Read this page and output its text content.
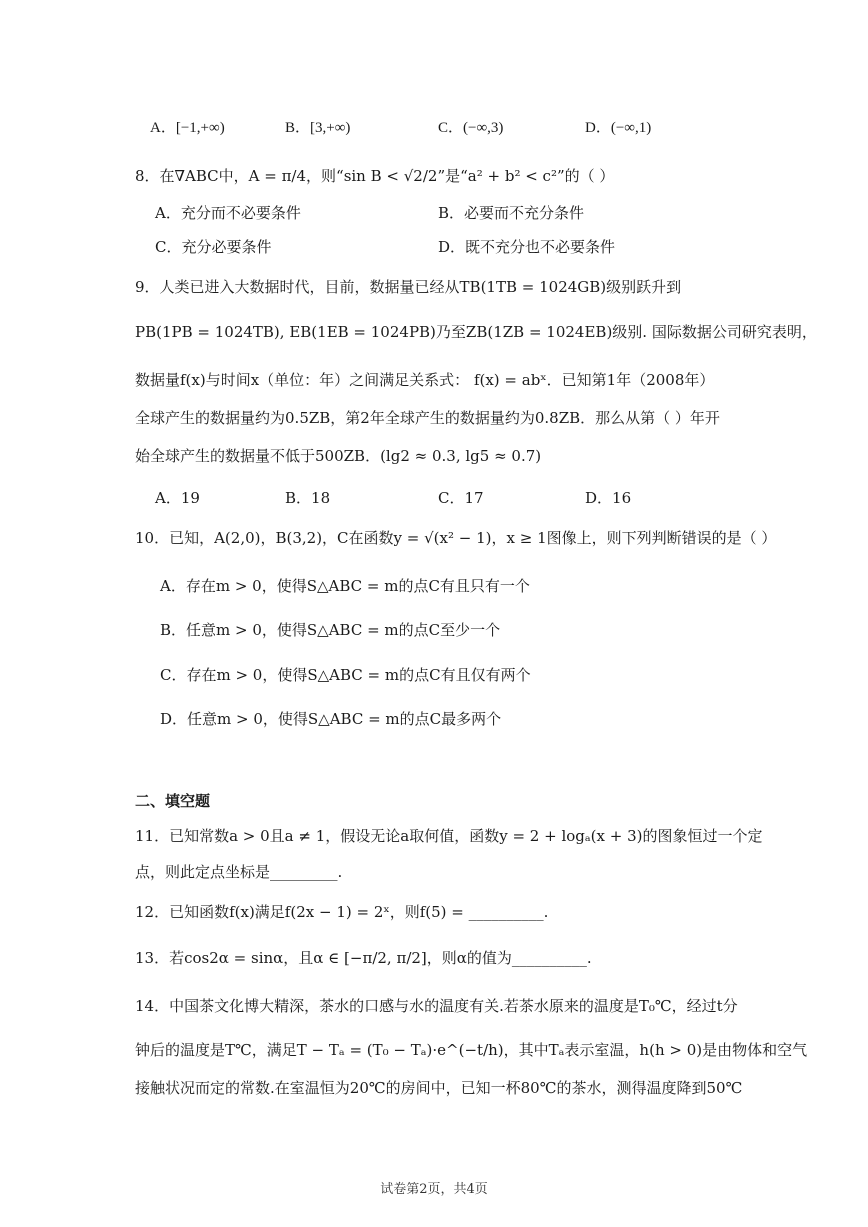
A．[−1,+∞)	B．[3,+∞)	C．(−∞,3)	D．(−∞,1)
8．在∇ABC中，A = π/4，则“sin B < √2/2”是“a² + b² < c²”的（ ）
A．充分而不必要条件	B．必要而不充分条件
C．充分必要条件	D．既不充分也不必要条件
9．人类已进入大数据时代，目前，数据量已经从TB(1TB = 1024GB)级别跃升到
PB(1PB = 1024TB), EB(1EB = 1024PB)乃至ZB(1ZB = 1024EB)级别. 国际数据公司研究表明，
数据量f(x)与时间x（单位：年）之间满足关系式： f(x) = abˣ．已知第1年（2008年）
全球产生的数据量约为0.5ZB，第2年全球产生的数据量约为0.8ZB．那么从第（ ）年开
始全球产生的数据量不低于500ZB．(lg2 ≈ 0.3, lg5 ≈ 0.7)
A．19	B．18	C．17	D．16
10．已知，A(2,0)，B(3,2)，C在函数y = √(x² − 1)，x ≥ 1图像上，则下列判断错误的是（ ）
A．存在m > 0，使得S△ABC = m的点C有且只有一个
B．任意m > 0，使得S△ABC = m的点C至少一个
C．存在m > 0，使得S△ABC = m的点C有且仅有两个
D．任意m > 0，使得S△ABC = m的点C最多两个
二、填空题
11．已知常数a > 0且a ≠ 1，假设无论a取何值，函数y = 2 + logₐ(x + 3)的图象恒过一个定
点，则此定点坐标是_________.
12．已知函数f(x)满足f(2x − 1) = 2ˣ，则f(5) = __________.
13．若cos2α = sinα，且α ∈ [−π/2, π/2]，则α的值为__________.
14．中国茶文化博大精深，茶水的口感与水的温度有关.若茶水原来的温度是T₀℃，经过t分
钟后的温度是T℃，满足T − Tₐ = (T₀ − Tₐ)·e^(−t/h)，其中Tₐ表示室温，h(h > 0)是由物体和空气
接触状况而定的常数.在室温恒为20℃的房间中，已知一杯80℃的茶水，测得温度降到50℃
试卷第2页，共4页
